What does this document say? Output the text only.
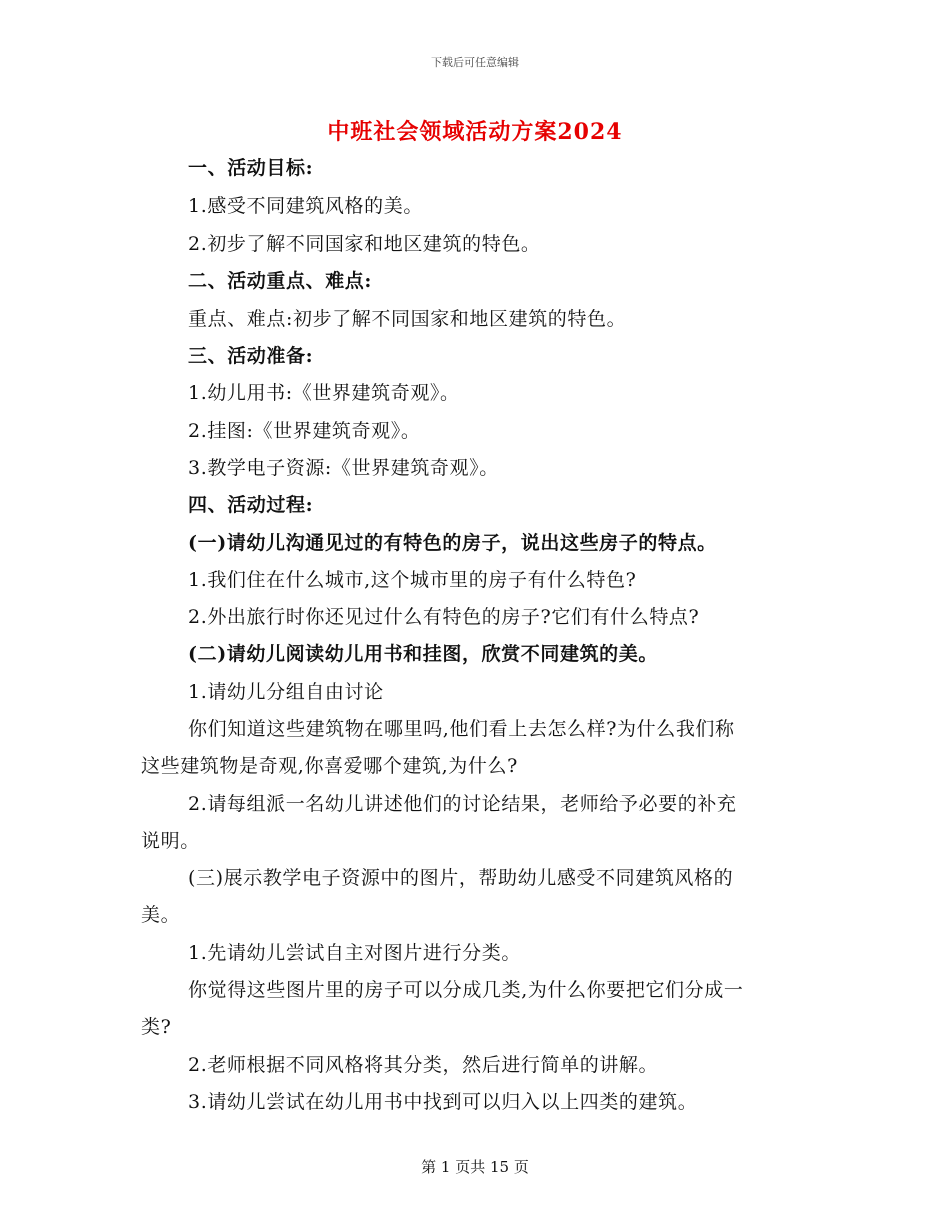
下载后可任意编辑
中班社会领域活动方案2024
一、活动目标:
1.感受不同建筑风格的美。
2.初步了解不同国家和地区建筑的特色。
二、活动重点、难点:
重点、难点:初步了解不同国家和地区建筑的特色。
三、活动准备:
1.幼儿用书:《世界建筑奇观》。
2.挂图:《世界建筑奇观》。
3.教学电子资源:《世界建筑奇观》。
四、活动过程:
(一)请幼儿沟通见过的有特色的房子，说出这些房子的特点。
1.我们住在什么城市,这个城市里的房子有什么特色?
2.外出旅行时你还见过什么有特色的房子?它们有什么特点?
(二)请幼儿阅读幼儿用书和挂图，欣赏不同建筑的美。
1.请幼儿分组自由讨论
你们知道这些建筑物在哪里吗,他们看上去怎么样?为什么我们称
这些建筑物是奇观,你喜爱哪个建筑,为什么?
2.请每组派一名幼儿讲述他们的讨论结果，老师给予必要的补充
说明。
(三)展示教学电子资源中的图片，帮助幼儿感受不同建筑风格的
美。
1.先请幼儿尝试自主对图片进行分类。
你觉得这些图片里的房子可以分成几类,为什么你要把它们分成一
类?
2.老师根据不同风格将其分类，然后进行简单的讲解。
3.请幼儿尝试在幼儿用书中找到可以归入以上四类的建筑。
第 1 页共 15 页
